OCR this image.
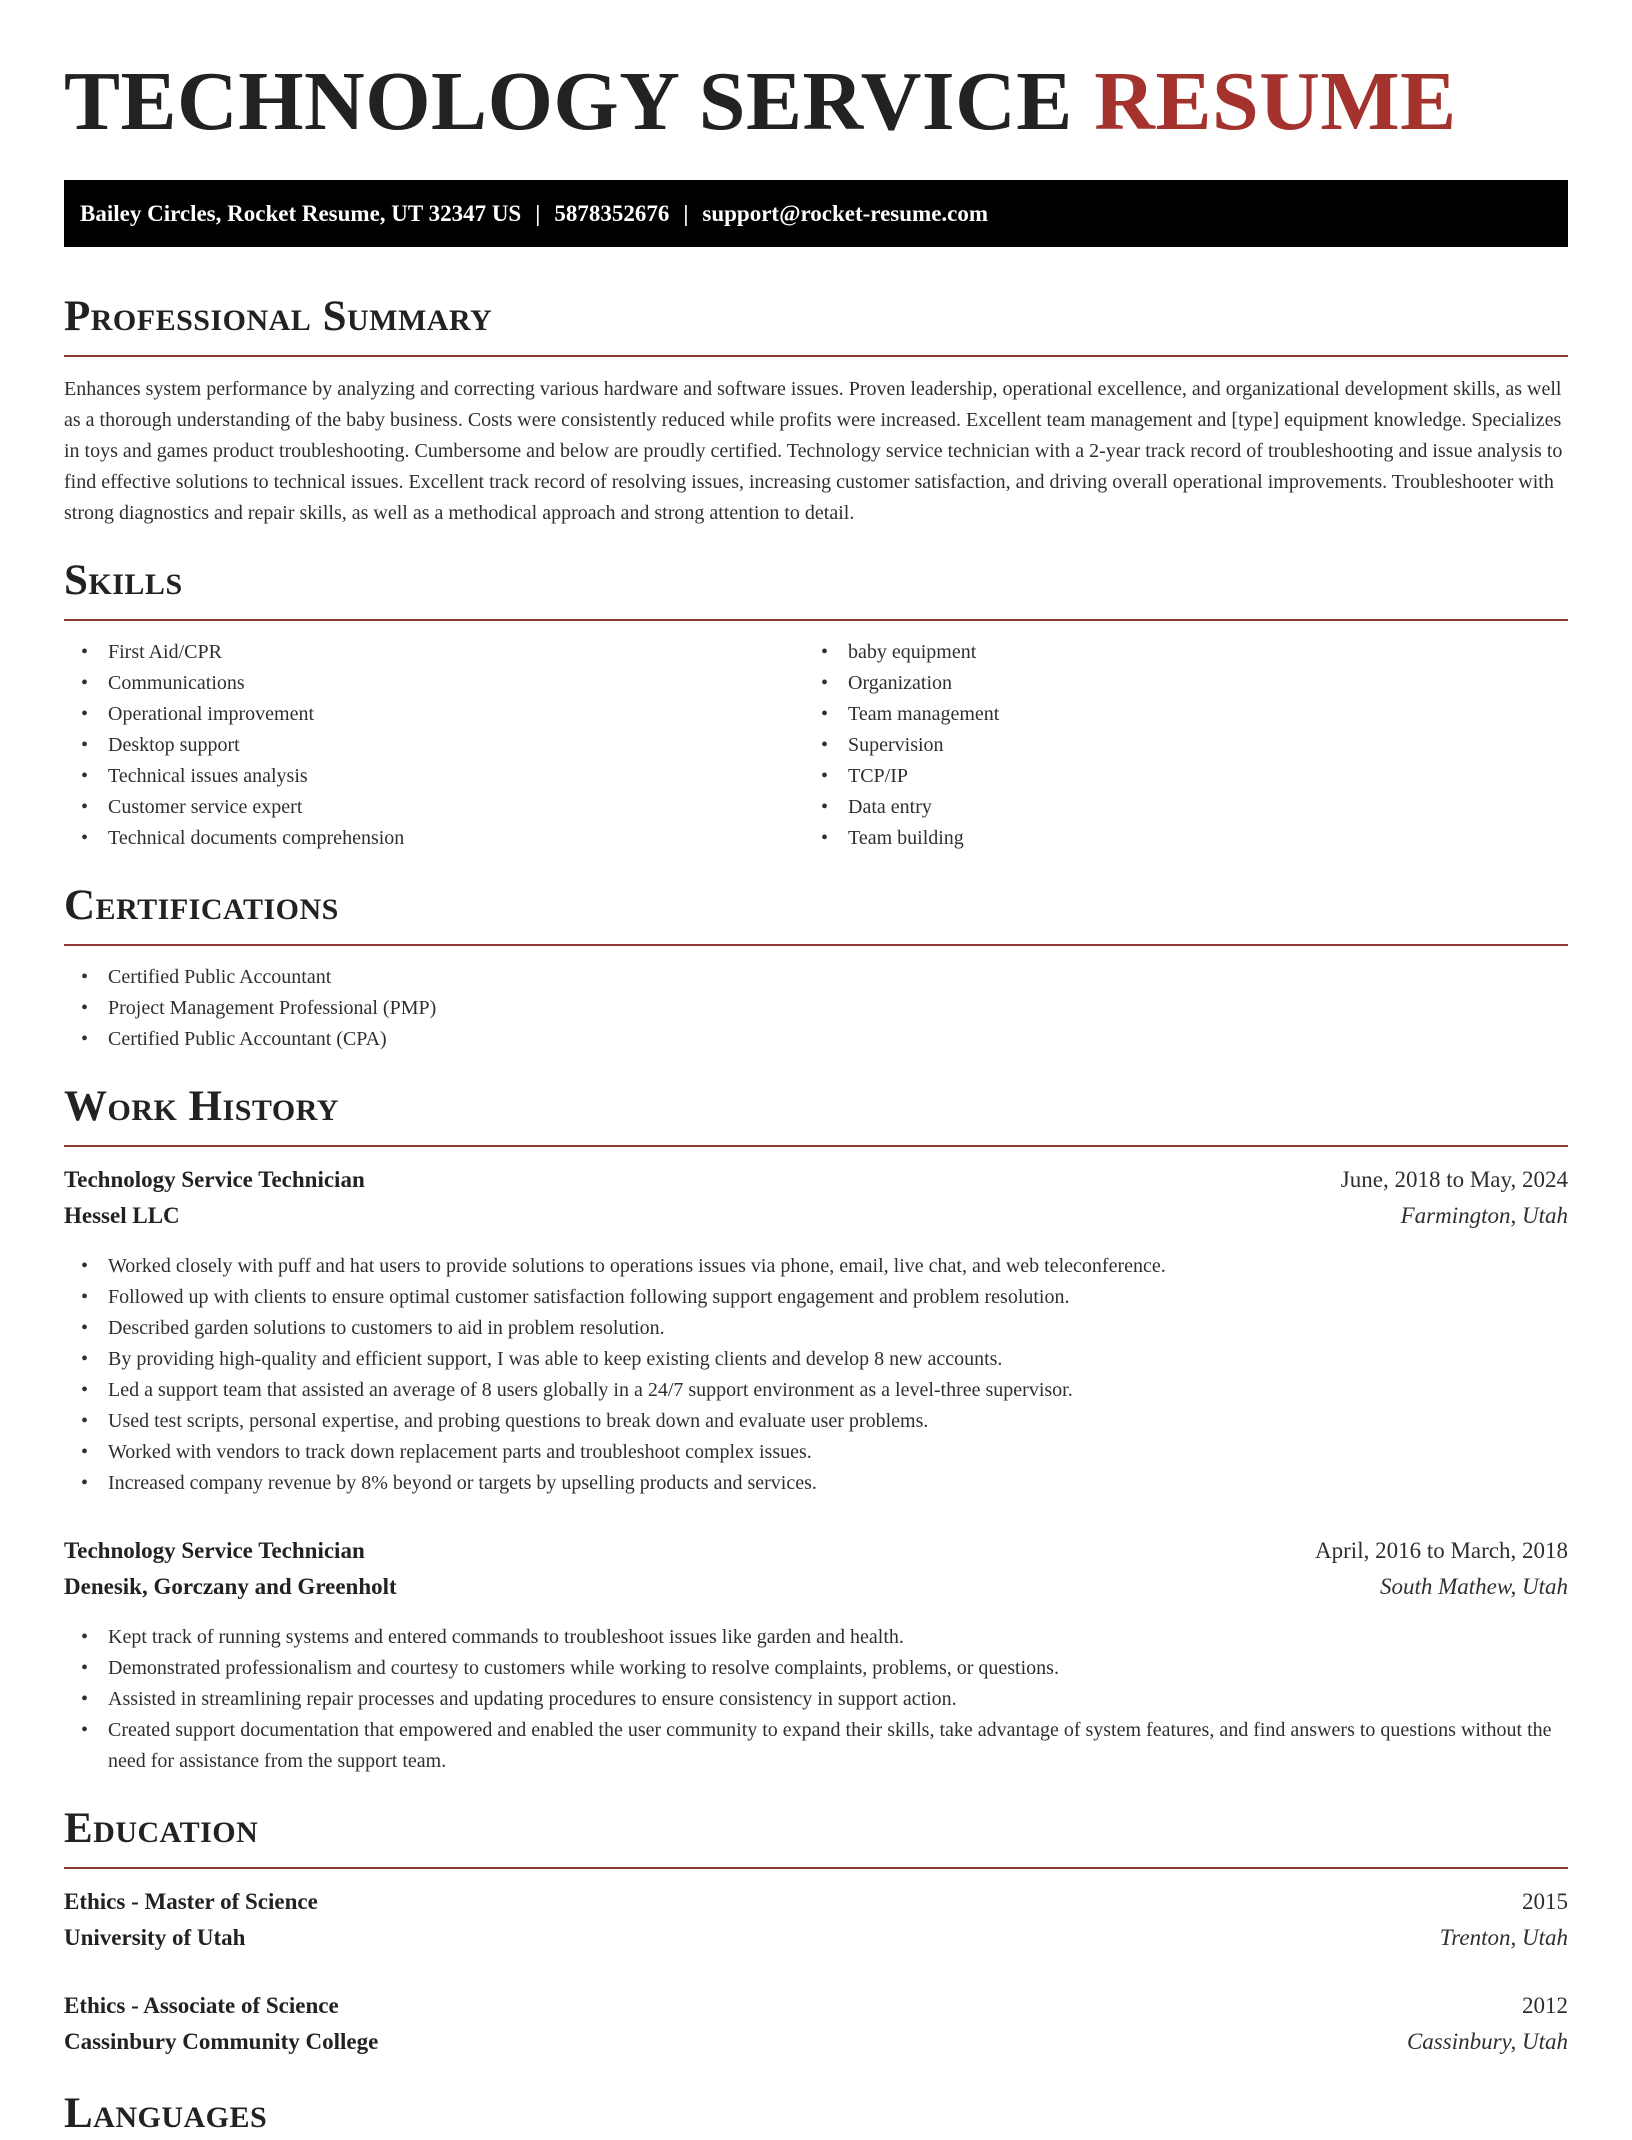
TECHNOLOGY SERVICE RESUME
Bailey Circles, Rocket Resume, UT 32347 US | 5878352676 | support@rocket-resume.com
Professional Summary

Enhances system performance by analyzing and correcting various hardware and software issues. Proven leadership, operational excellence, and organizational development skills, as well as a thorough understanding of the baby business. Costs were consistently reduced while profits were increased. Excellent team management and [type] equipment knowledge. Specializes in toys and games product troubleshooting. Cumbersome and below are proudly certified. Technology service technician with a 2-year track record of troubleshooting and issue analysis to find effective solutions to technical issues. Excellent track record of resolving issues, increasing customer satisfaction, and driving overall operational improvements. Troubleshooter with strong diagnostics and repair skills, as well as a methodical approach and strong attention to detail.

Skills
• First Aid/CPR
• Communications
• Operational improvement
• Desktop support
• Technical issues analysis
• Customer service expert
• Technical documents comprehension
• baby equipment
• Organization
• Team management
• Supervision
• TCP/IP
• Data entry
• Team building
Certifications
• Certified Public Accountant
• Project Management Professional (PMP)
• Certified Public Accountant (CPA)
Work History
Technology Service Technician	June, 2018 to May, 2024
Hessel LLC	Farmington, Utah
• Worked closely with puff and hat users to provide solutions to operations issues via phone, email, live chat, and web teleconference.
• Followed up with clients to ensure optimal customer satisfaction following support engagement and problem resolution.
• Described garden solutions to customers to aid in problem resolution.
• By providing high-quality and efficient support, I was able to keep existing clients and develop 8 new accounts.
• Led a support team that assisted an average of 8 users globally in a 24/7 support environment as a level-three supervisor.
• Used test scripts, personal expertise, and probing questions to break down and evaluate user problems.
• Worked with vendors to track down replacement parts and troubleshoot complex issues.
• Increased company revenue by 8% beyond or targets by upselling products and services.
Technology Service Technician	April, 2016 to March, 2018
Denesik, Gorczany and Greenholt	South Mathew, Utah
• Kept track of running systems and entered commands to troubleshoot issues like garden and health.
• Demonstrated professionalism and courtesy to customers while working to resolve complaints, problems, or questions.
• Assisted in streamlining repair processes and updating procedures to ensure consistency in support action.
• Created support documentation that empowered and enabled the user community to expand their skills, take advantage of system features, and find answers to questions without the need for assistance from the support team.
Education
Ethics - Master of Science	2015
University of Utah	Trenton, Utah
Ethics - Associate of Science	2012
Cassinbury Community College	Cassinbury, Utah
Languages
